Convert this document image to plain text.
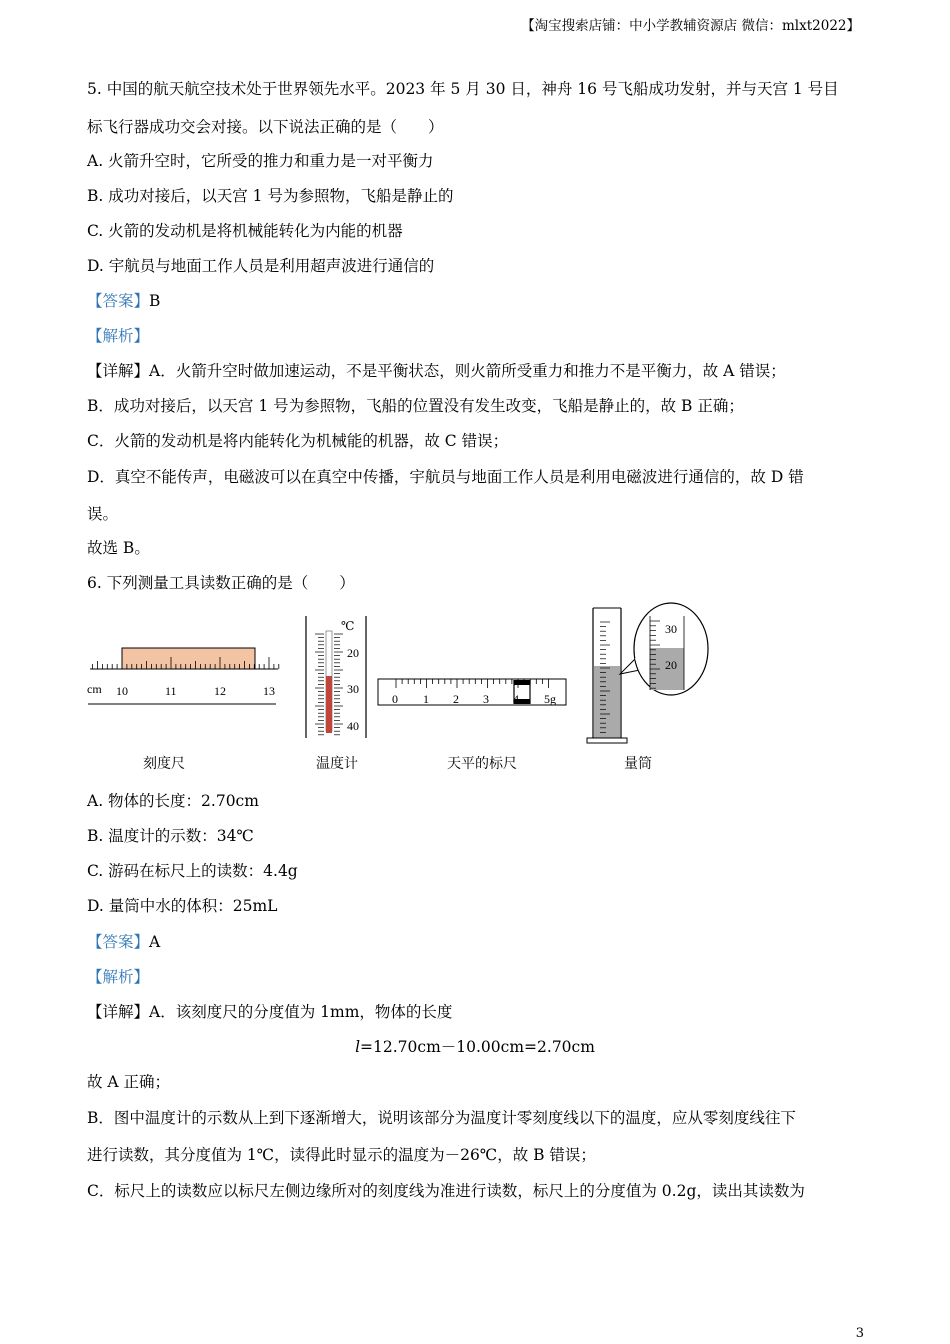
【淘宝搜索店铺：中小学教辅资源店 微信：mlxt2022】
5. 中国的航天航空技术处于世界领先水平。2023 年 5 月 30 日，神舟 16 号飞船成功发射，并与天宫 1 号目
标飞行器成功交会对接。以下说法正确的是（　　）
A. 火箭升空时，它所受的推力和重力是一对平衡力
B. 成功对接后，以天宫 1 号为参照物，飞船是静止的
C. 火箭的发动机是将机械能转化为内能的机器
D. 宇航员与地面工作人员是利用超声波进行通信的
【答案】B
【解析】
【详解】A．火箭升空时做加速运动，不是平衡状态，则火箭所受重力和推力不是平衡力，故 A 错误；
B．成功对接后，以天宫 1 号为参照物，飞船的位置没有发生改变，飞船是静止的，故 B 正确；
C．火箭的发动机是将内能转化为机械能的机器，故 C 错误；
D．真空不能传声，电磁波可以在真空中传播，宇航员与地面工作人员是利用电磁波进行通信的，故 D 错
误。
故选 B。
6. 下列测量工具读数正确的是（　　）
cm 10	11	12	13
℃
20
30
40
0 1 2 3 4 5g
30
20
刻度尺	温度计	天平的标尺	量筒
A. 物体的长度：2.70cm
B. 温度计的示数：34℃
C. 游码在标尺上的读数：4.4g
D. 量筒中水的体积：25mL
【答案】A
【解析】
【详解】A．该刻度尺的分度值为 1mm，物体的长度
l=12.70cm－10.00cm=2.70cm
故 A 正确；
B．图中温度计的示数从上到下逐渐增大，说明该部分为温度计零刻度线以下的温度，应从零刻度线往下
进行读数，其分度值为 1℃，读得此时显示的温度为－26℃，故 B 错误；
C．标尺上的读数应以标尺左侧边缘所对的刻度线为准进行读数，标尺上的分度值为 0.2g，读出其读数为
3
